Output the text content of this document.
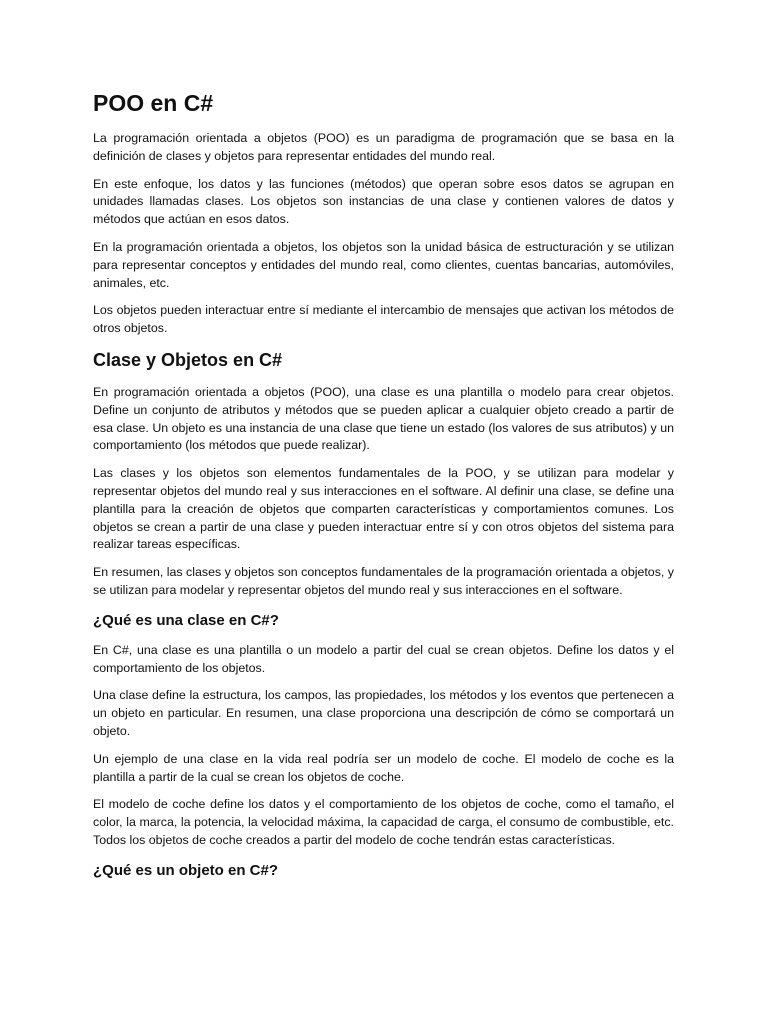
POO en C#

La programación orientada a objetos (POO) es un paradigma de programación que se basa en la definición de clases y objetos para representar entidades del mundo real.

En este enfoque, los datos y las funciones (métodos) que operan sobre esos datos se agrupan en unidades llamadas clases. Los objetos son instancias de una clase y contienen valores de datos y métodos que actúan en esos datos.

En la programación orientada a objetos, los objetos son la unidad básica de estructuración y se utilizan para representar conceptos y entidades del mundo real, como clientes, cuentas bancarias, automóviles, animales, etc.

Los objetos pueden interactuar entre sí mediante el intercambio de mensajes que activan los métodos de otros objetos.

Clase y Objetos en C#

En programación orientada a objetos (POO), una clase es una plantilla o modelo para crear objetos. Define un conjunto de atributos y métodos que se pueden aplicar a cualquier objeto creado a partir de esa clase. Un objeto es una instancia de una clase que tiene un estado (los valores de sus atributos) y un comportamiento (los métodos que puede realizar).

Las clases y los objetos son elementos fundamentales de la POO, y se utilizan para modelar y representar objetos del mundo real y sus interacciones en el software. Al definir una clase, se define una plantilla para la creación de objetos que comparten características y comportamientos comunes. Los objetos se crean a partir de una clase y pueden interactuar entre sí y con otros objetos del sistema para realizar tareas específicas.

En resumen, las clases y objetos son conceptos fundamentales de la programación orientada a objetos, y se utilizan para modelar y representar objetos del mundo real y sus interacciones en el software.

¿Qué es una clase en C#?

En C#, una clase es una plantilla o un modelo a partir del cual se crean objetos. Define los datos y el comportamiento de los objetos.

Una clase define la estructura, los campos, las propiedades, los métodos y los eventos que pertenecen a un objeto en particular. En resumen, una clase proporciona una descripción de cómo se comportará un objeto.

Un ejemplo de una clase en la vida real podría ser un modelo de coche. El modelo de coche es la plantilla a partir de la cual se crean los objetos de coche.

El modelo de coche define los datos y el comportamiento de los objetos de coche, como el tamaño, el color, la marca, la potencia, la velocidad máxima, la capacidad de carga, el consumo de combustible, etc. Todos los objetos de coche creados a partir del modelo de coche tendrán estas características.

¿Qué es un objeto en C#?
